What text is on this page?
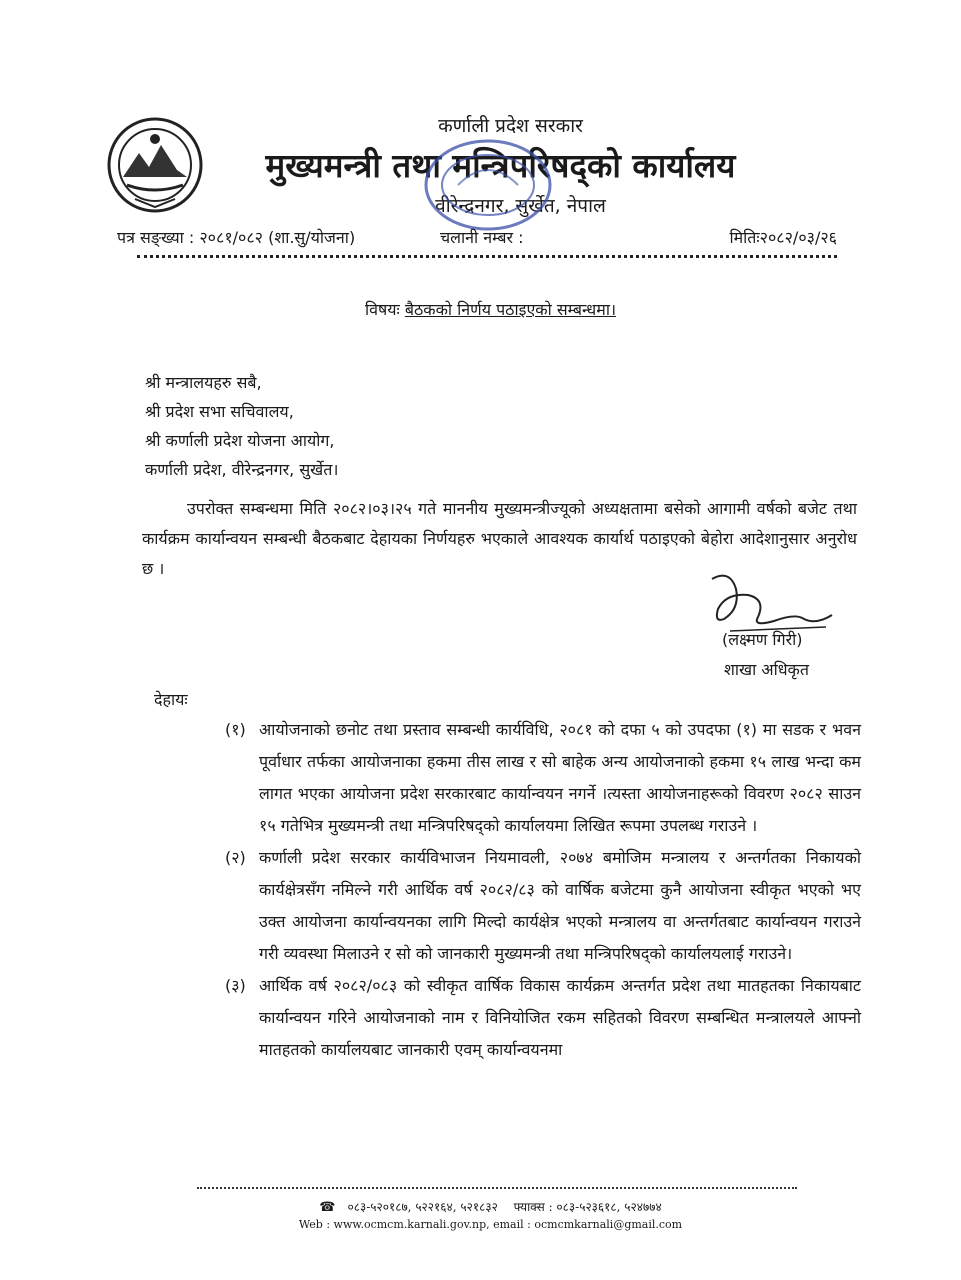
कर्णाली प्रदेश सरकार
मुख्यमन्त्री तथा मन्त्रिपरिषद्को कार्यालय
वीरेन्द्रनगर, सुर्खेत, नेपाल
पत्र सङ्ख्या : २०८१/०८२ (शा.सु/योजना)	चलानी नम्बर :	मितिः२०८२/०३/२६
विषयः बैठकको निर्णय पठाइएको सम्बन्धमा।
श्री मन्त्रालयहरु सबै,
श्री प्रदेश सभा सचिवालय,
श्री कर्णाली प्रदेश योजना आयोग,
कर्णाली प्रदेश, वीरेन्द्रनगर, सुर्खेत।
उपरोक्त सम्बन्धमा मिति २०८२।०३।२५ गते माननीय मुख्यमन्त्रीज्यूको अध्यक्षतामा बसेको आगामी वर्षको बजेट तथा कार्यक्रम कार्यान्वयन सम्बन्धी बैठकबाट देहायका निर्णयहरु भएकाले आवश्यक कार्यार्थ पठाइएको बेहोरा आदेशानुसार अनुरोध छ ।
(लक्ष्मण गिरी)
शाखा अधिकृत
देहायः
(१) आयोजनाको छनोट तथा प्रस्ताव सम्बन्धी कार्यविधि, २०८१ को दफा ५ को उपदफा (१) मा सडक र भवन पूर्वाधार तर्फका आयोजनाका हकमा तीस लाख र सो बाहेक अन्य आयोजनाको हकमा १५ लाख भन्दा कम लागत भएका आयोजना प्रदेश सरकारबाट कार्यान्वयन नगर्ने ।त्यस्ता आयोजनाहरूको विवरण २०८२ साउन १५ गतेभित्र मुख्यमन्त्री तथा मन्त्रिपरिषद्को कार्यालयमा लिखित रूपमा उपलब्ध गराउने ।
(२) कर्णाली प्रदेश सरकार कार्यविभाजन नियमावली, २०७४ बमोजिम मन्त्रालय र अन्तर्गतका निकायको कार्यक्षेत्रसँग नमिल्ने गरी आर्थिक वर्ष २०८२/८३ को वार्षिक बजेटमा कुनै आयोजना स्वीकृत भएको भए उक्त आयोजना कार्यान्वयनका लागि मिल्दो कार्यक्षेत्र भएको मन्त्रालय वा अन्तर्गतबाट कार्यान्वयन गराउने गरी व्यवस्था मिलाउने र सो को जानकारी मुख्यमन्त्री तथा मन्त्रिपरिषद्को कार्यालयलाई गराउने।
(३) आर्थिक वर्ष २०८२/०८३ को स्वीकृत वार्षिक विकास कार्यक्रम अन्तर्गत प्रदेश तथा मातहतका निकायबाट कार्यान्वयन गरिने आयोजनाको नाम र विनियोजित रकम सहितको विवरण सम्बन्धित मन्त्रालयले आफ्नो मातहतको कार्यालयबाट जानकारी एवम् कार्यान्वयनमा
☎ ०८३-५२०१८७, ५२२१६४, ५२१८३२ फ्याक्स : ०८३-५२३६१८, ५२४७७४
Web : www.ocmcm.karnali.gov.np, email : ocmcmkarnali@gmail.com
